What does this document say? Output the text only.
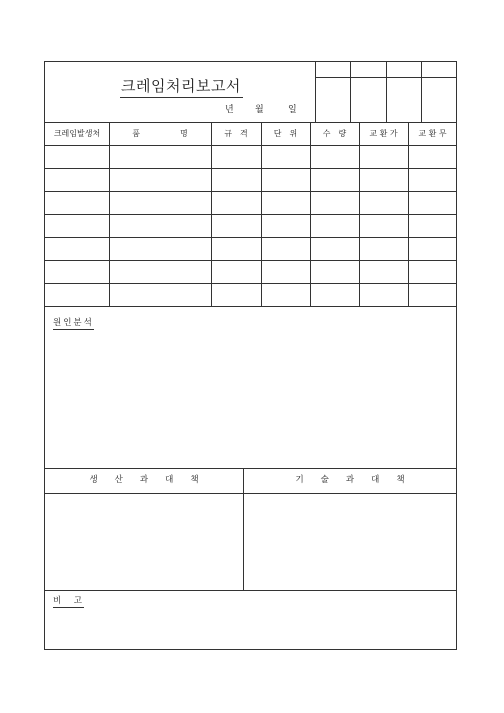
크레임처리보고서
년 월	일
크레임발생처	품　　　　　명	규　격	단　위	수　량	교 환 가	교 환 무
원인분석
생　　산　　과　　대　　책	기　　술　　과　　대　　책
비　고
